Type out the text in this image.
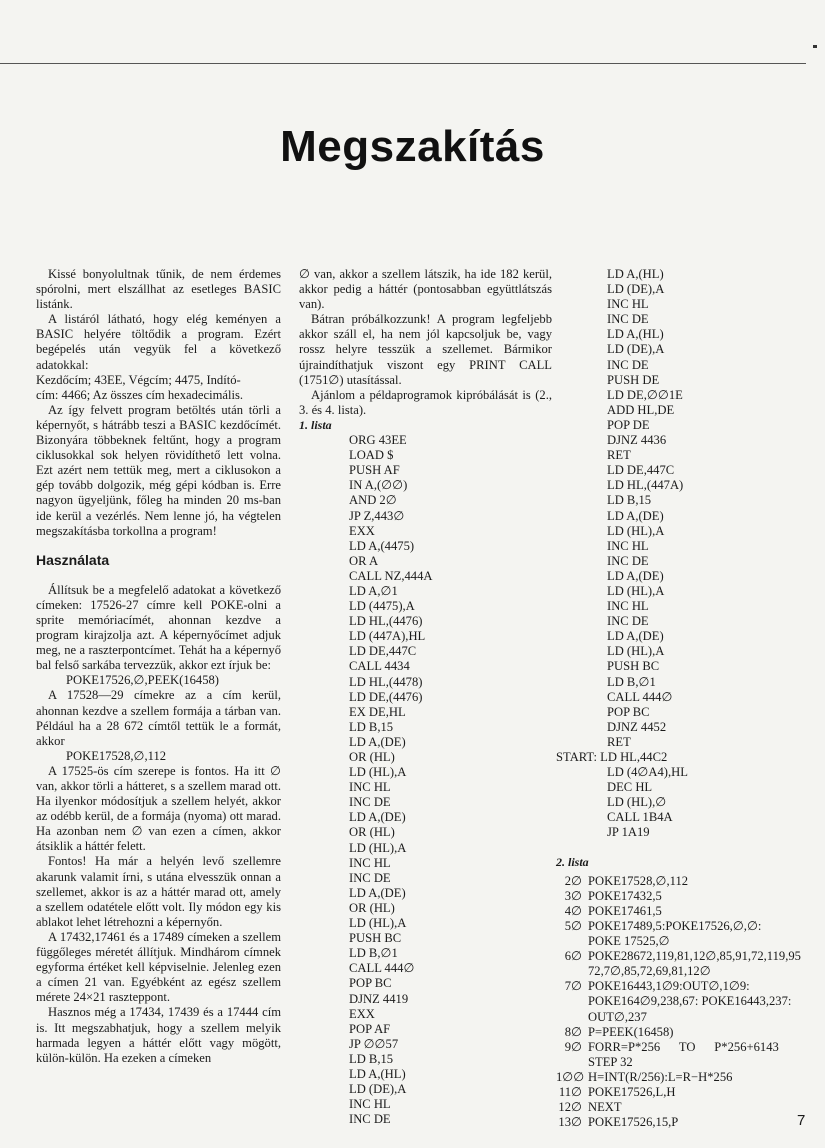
Megszakítás

Kissé bonyolultnak tűnik, de nem érdemes spórolni, mert elszállhat az esetleges BASIC listánk.

A listáról látható, hogy elég keményen a BASIC helyére töltődik a program. Ezért begépelés után vegyük fel a következő adatokkal:

Kezdőcím; 43EE, Végcím; 4475, Indító-
cím: 4466; Az összes cím hexadecimális.

Az így felvett program betöltés után törli a képernyőt, s hátrább teszi a BASIC kezdőcímét. Bizonyára többeknek feltűnt, hogy a program ciklusokkal sok helyen rövidíthető lett volna. Ezt azért nem tettük meg, mert a ciklusokon a gép tovább dolgozik, még gépi kódban is. Erre nagyon ügyeljünk, főleg ha minden 20 ms-ban ide kerül a vezérlés. Nem lenne jó, ha végtelen megszakításba torkollna a program!

Használata

Állítsuk be a megfelelő adatokat a következő címeken: 17526-27 címre kell POKE-olni a sprite memóriacímét, ahonnan kezdve a program kirajzolja azt. A képernyőcímet adjuk meg, ne a raszterpontcímet. Tehát ha a képernyő bal felső sarkába tervezzük, akkor ezt írjuk be:

POKE17526,∅,PEEK(16458)

A 17528—29 címekre az a cím kerül, ahonnan kezdve a szellem formája a tárban van. Például ha a 28 672 címtől tettük le a formát, akkor

POKE17528,∅,112

A 17525-ös cím szerepe is fontos. Ha itt ∅ van, akkor törli a hátteret, s a szellem marad ott. Ha ilyenkor módosítjuk a szellem helyét, akkor az odébb kerül, de a formája (nyoma) ott marad. Ha azonban nem ∅ van ezen a címen, akkor átsiklik a háttér felett.

Fontos! Ha már a helyén levő szellemre akarunk valamit írni, s utána elvesszük onnan a szellemet, akkor is az a háttér marad ott, amely a szellem odatétele előtt volt. Ily módon egy kis ablakot lehet létrehozni a képernyőn.

A 17432,17461 és a 17489 címeken a szellem függőleges méretét állítjuk. Mindhárom címnek egyforma értéket kell képviselnie. Jelenleg ezen a címen 21 van. Egyébként az egész szellem mérete 24×21 rasztерpont.

Hasznos még a 17434, 17439 és a 17444 cím is. Itt megszabhatjuk, hogy a szellem melyik harmada legyen a háttér előtt vagy mögött, külön-külön. Ha ezeken a címeken

∅ van, akkor a szellem látszik, ha ide 182 kerül, akkor pedig a háttér (pontosabban együttlátszás van).

Bátran próbálkozzunk! A program legfeljebb akkor száll el, ha nem jól kapcsoljuk be, vagy rossz helyre tesszük a szellemet. Bármikor újraindíthatjuk viszont egy PRINT CALL (1751∅) utasítással.

Ajánlom a példaprogramok kipróbálását is (2., 3. és 4. lista).

1. lista
ORG 43EE
LOAD $
PUSH AF
IN A,(∅∅)
AND 2∅
JP Z,443∅
EXX
LD A,(4475)
OR A
CALL NZ,444A
LD A,∅1
LD (4475),A
LD HL,(4476)
LD (447A),HL
LD DE,447C
CALL 4434
LD HL,(4478)
LD DE,(4476)
EX DE,HL
LD B,15
LD A,(DE)
OR (HL)
LD (HL),A
INC HL
INC DE
LD A,(DE)
OR (HL)
LD (HL),A
INC HL
INC DE
LD A,(DE)
OR (HL)
LD (HL),A
PUSH BC
LD B,∅1
CALL 444∅
POP BC
DJNZ 4419
EXX
POP AF
JP ∅∅57
LD B,15
LD A,(HL)
LD (DE),A
INC HL
INC DE
LD A,(HL)
LD (DE),A
INC HL
INC DE
LD A,(HL)
LD (DE),A
INC DE
PUSH DE
LD DE,∅∅1E
ADD HL,DE
POP DE
DJNZ 4436
RET
LD DE,447C
LD HL,(447A)
LD B,15
LD A,(DE)
LD (HL),A
INC HL
INC DE
LD A,(DE)
LD (HL),A
INC HL
INC DE
LD A,(DE)
LD (HL),A
PUSH BC
LD B,∅1
CALL 444∅
POP BC
DJNZ 4452
RET
START: LD HL,44C2
LD (4∅A4),HL
DEC HL
LD (HL),∅
CALL 1B4A
JP 1A19
2. lista
2∅ POKE17528,∅,112
3∅ POKE17432,5
4∅ POKE17461,5
5∅ POKE17489,5:POKE17526,∅,∅:
POKE 17525,∅
6∅ POKE28672,119,81,12∅,85,91,72,119,95
72,7∅,85,72,69,81,12∅
7∅ POKE16443,1∅9:OUT∅,1∅9:
POKE164∅9,238,67: POKE16443,237:
OUT∅,237
8∅ P=PEEK(16458)
9∅ FORR=P*256      TO      P*256+6143
STEP 32
1∅∅ H=INT(R/256):L=R−H*256
11∅ POKE17526,L,H
12∅ NEXT
13∅ POKE17526,15,P	7
